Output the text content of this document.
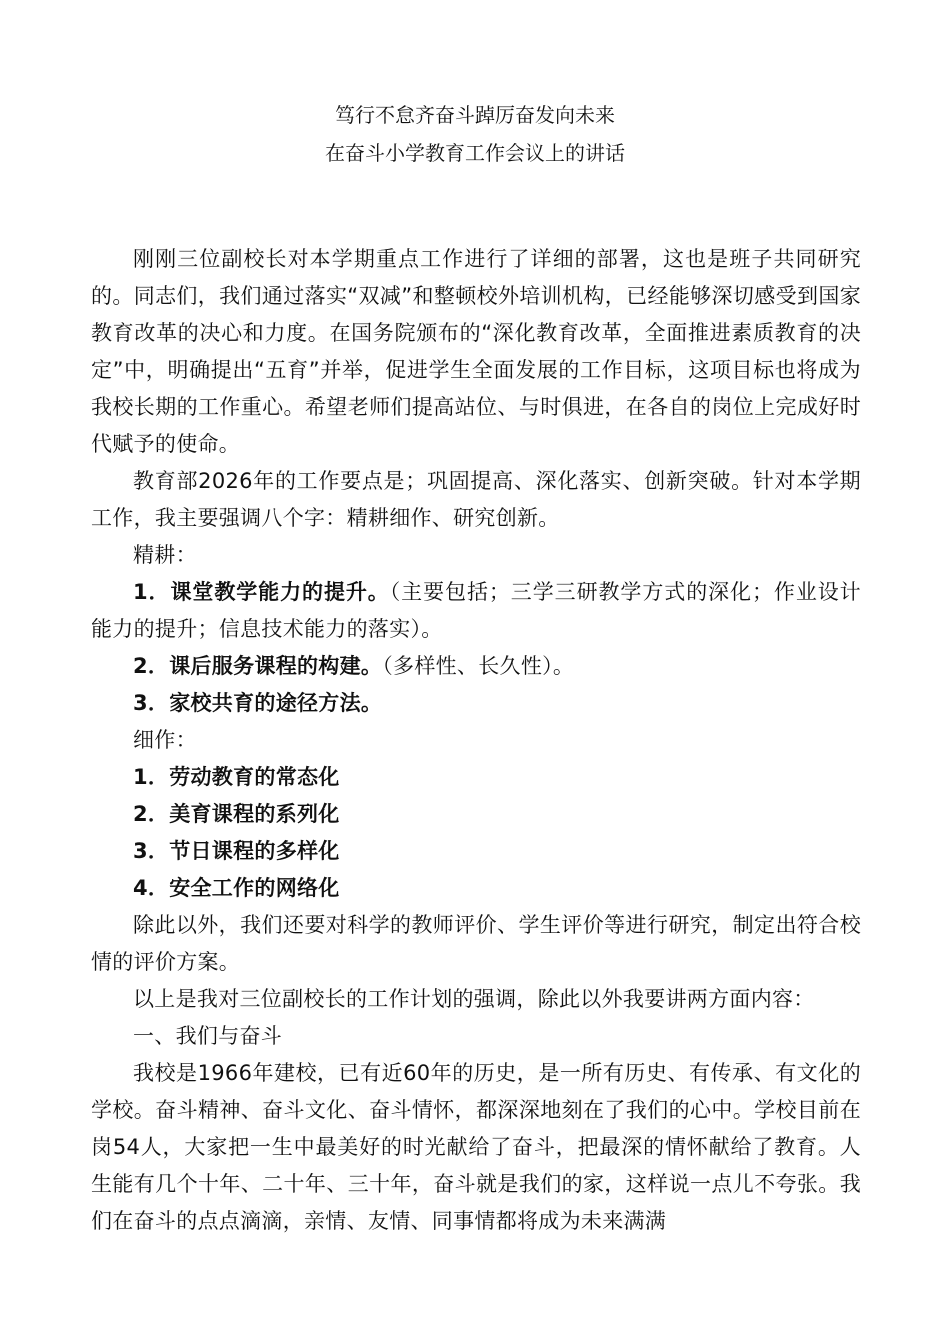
笃行不怠齐奋斗踔厉奋发向未来
在奋斗小学教育工作会议上的讲话

刚刚三位副校长对本学期重点工作进行了详细的部署，这也是班子共同研究的。同志们，我们通过落实“双减”和整顿校外培训机构，已经能够深切感受到国家教育改革的决心和力度。在国务院颁布的“深化教育改革，全面推进素质教育的决定”中，明确提出“五育”并举，促进学生全面发展的工作目标，这项目标也将成为我校长期的工作重心。希望老师们提高站位、与时俱进，在各自的岗位上完成好时代赋予的使命。

教育部2026年的工作要点是；巩固提高、深化落实、创新突破。针对本学期工作，我主要强调八个字：精耕细作、研究创新。

精耕：

1．课堂教学能力的提升。（主要包括；三学三研教学方式的深化；作业设计能力的提升；信息技术能力的落实）。

2．课后服务课程的构建。（多样性、长久性）。

3．家校共育的途径方法。

细作：

1．劳动教育的常态化

2．美育课程的系列化

3．节日课程的多样化

4．安全工作的网络化

除此以外，我们还要对科学的教师评价、学生评价等进行研究，制定出符合校情的评价方案。

以上是我对三位副校长的工作计划的强调，除此以外我要讲两方面内容：

一、我们与奋斗

我校是1966年建校，已有近60年的历史，是一所有历史、有传承、有文化的学校。奋斗精神、奋斗文化、奋斗情怀，都深深地刻在了我们的心中。学校目前在岗54人，大家把一生中最美好的时光献给了奋斗，把最深的情怀献给了教育。人生能有几个十年、二十年、三十年，奋斗就是我们的家，这样说一点儿不夸张。我们在奋斗的点点滴滴，亲情、友情、同事情都将成为未来满满
